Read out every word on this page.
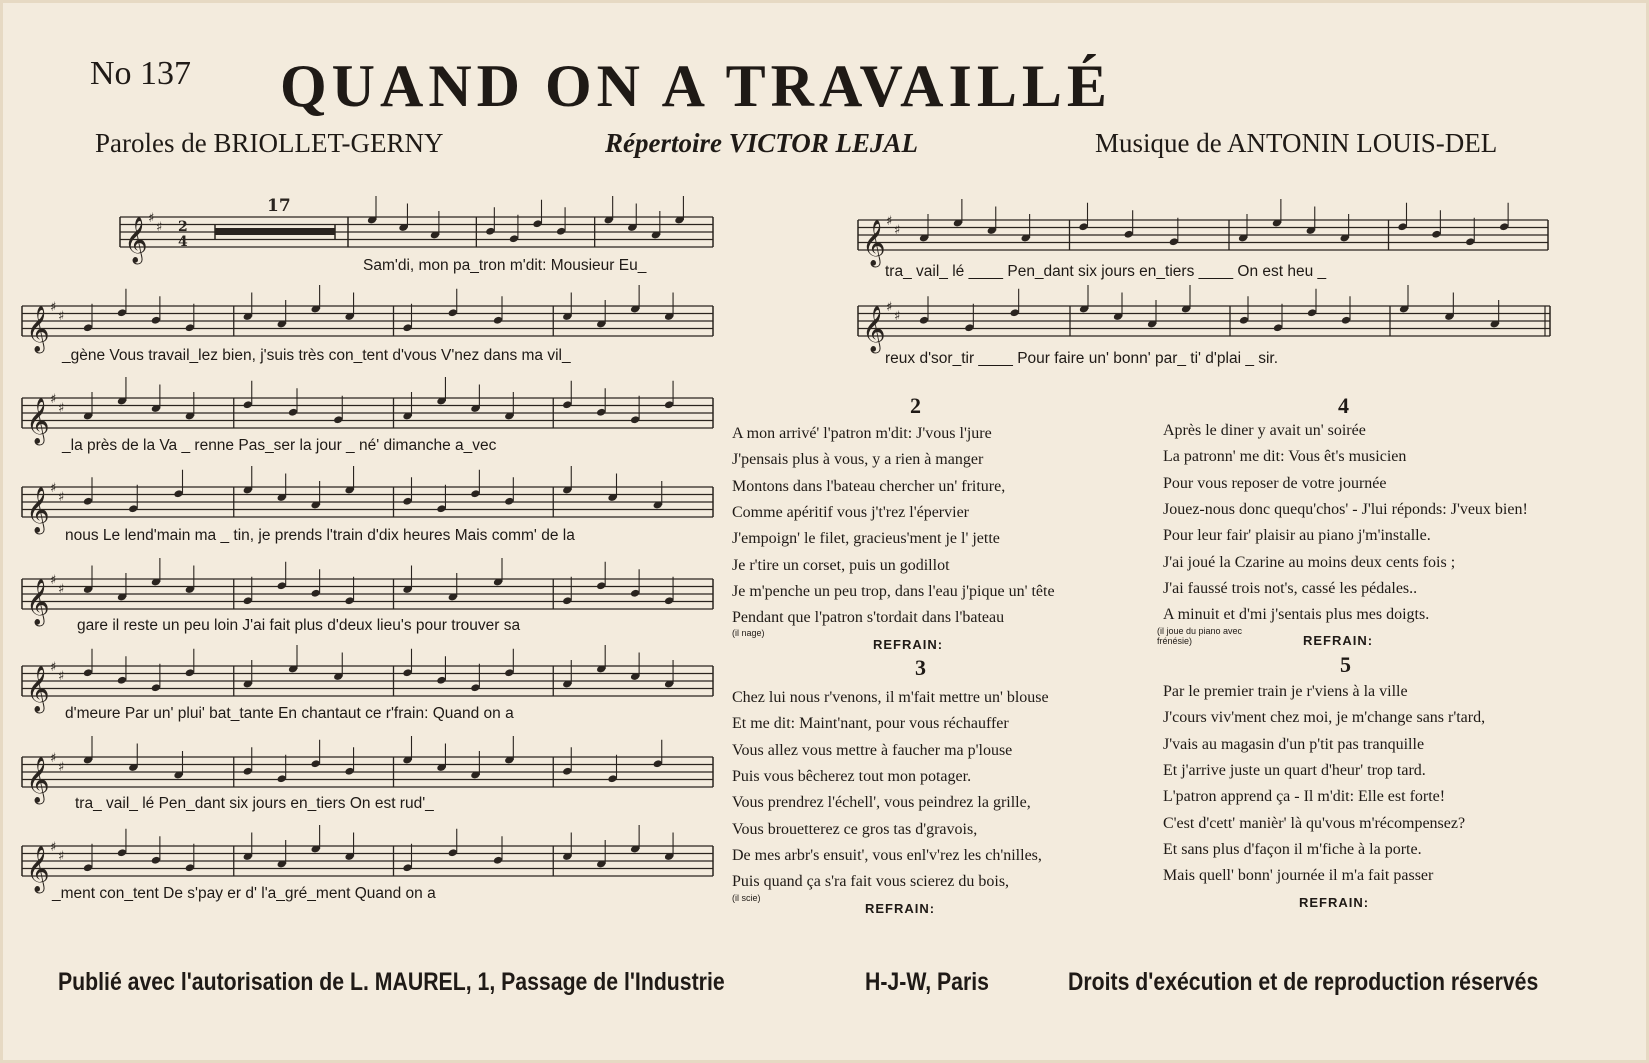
No 137 QUAND ON A TRAVAILLÉ
Paroles de BRIOLLET-GERNY	Répertoire VICTOR LEJAL	Musique de ANTONIN LOUIS-DEL
𝄞 ♯
♯ 2
4
17
𝄞 ♯
♯
𝄞 ♯
♯
𝄞 ♯
♯
𝄞 ♯
♯
𝄞 ♯
♯
𝄞 ♯
♯
𝄞 ♯
♯
𝄞 ♯
♯
𝄞 ♯
♯
Sam'di, mon pa_tron m'dit: Mousieur Eu_
_gène Vous travail_lez bien, j'suis très con_tent d'vous V'nez dans ma vil_
_la près de la Va _ renne Pas_ser la jour _ né' dimanche a_vec
nous Le lend'main ma _ tin, je prends l'train d'dix heures Mais comm' de la
gare il reste un peu loin J'ai fait plus d'deux lieu's pour trouver sa
d'meure Par un' plui' bat_tante En chantaut ce r'frain: Quand on a
tra_ vail_ lé Pen_dant six jours en_tiers On est rud'_
_ment con_tent De s'pay er d' l'a_gré_ment Quand on a
tra_ vail_ lé ____ Pen_dant six jours en_tiers ____ On est heu _
reux d'sor_tir ____ Pour faire un' bonn' par_ ti' d'plai _ sir.
2
A mon arrivé' l'patron m'dit: J'vous l'jure
J'pensais plus à vous, y a rien à manger
Montons dans l'bateau chercher un' friture,
Comme apéritif vous j't'rez l'épervier
J'empoign' le filet, gracieus'ment je l' jette
Je r'tire un corset, puis un godillot
Je m'penche un peu trop, dans l'eau j'pique un' tête
Pendant que l'patron s'tordait dans l'bateau
REFRAIN:
(il nage)
3
Chez lui nous r'venons, il m'fait mettre un' blouse
Et me dit: Maint'nant, pour vous réchauffer
Vous allez vous mettre à faucher ma p'louse
Puis vous bêcherez tout mon potager.
Vous prendrez l'échell', vous peindrez la grille,
Vous brouetterez ce gros tas d'gravois,
De mes arbr's ensuit', vous enl'v'rez les ch'nilles,
Puis quand ça s'ra fait vous scierez du bois,
REFRAIN:
(il scie)
4
Après le diner y avait un' soirée
La patronn' me dit: Vous êt's musicien
Pour vous reposer de votre journée
Jouez-nous donc quequ'chos' - J'lui réponds: J'veux bien!
Pour leur fair' plaisir au piano j'm'installe.
J'ai joué la Czarine au moins deux cents fois ;
J'ai faussé trois not's, cassé les pédales..
A minuit et d'mi j'sentais plus mes doigts.
REFRAIN:
(il joue du piano avec frénésie)
5
Par le premier train je r'viens à la ville
J'cours viv'ment chez moi, je m'change sans r'tard,
J'vais au magasin d'un p'tit pas tranquille
Et j'arrive juste un quart d'heur' trop tard.
L'patron apprend ça - Il m'dit: Elle est forte!
C'est d'cett' manièr' là qu'vous m'récompensez?
Et sans plus d'façon il m'fiche à la porte.
Mais quell' bonn' journée il m'a fait passer
REFRAIN:
Publié avec l'autorisation de L. MAUREL, 1, Passage de l'Industrie	H-J-W, Paris	Droits d'exécution et de reproduction réservés
